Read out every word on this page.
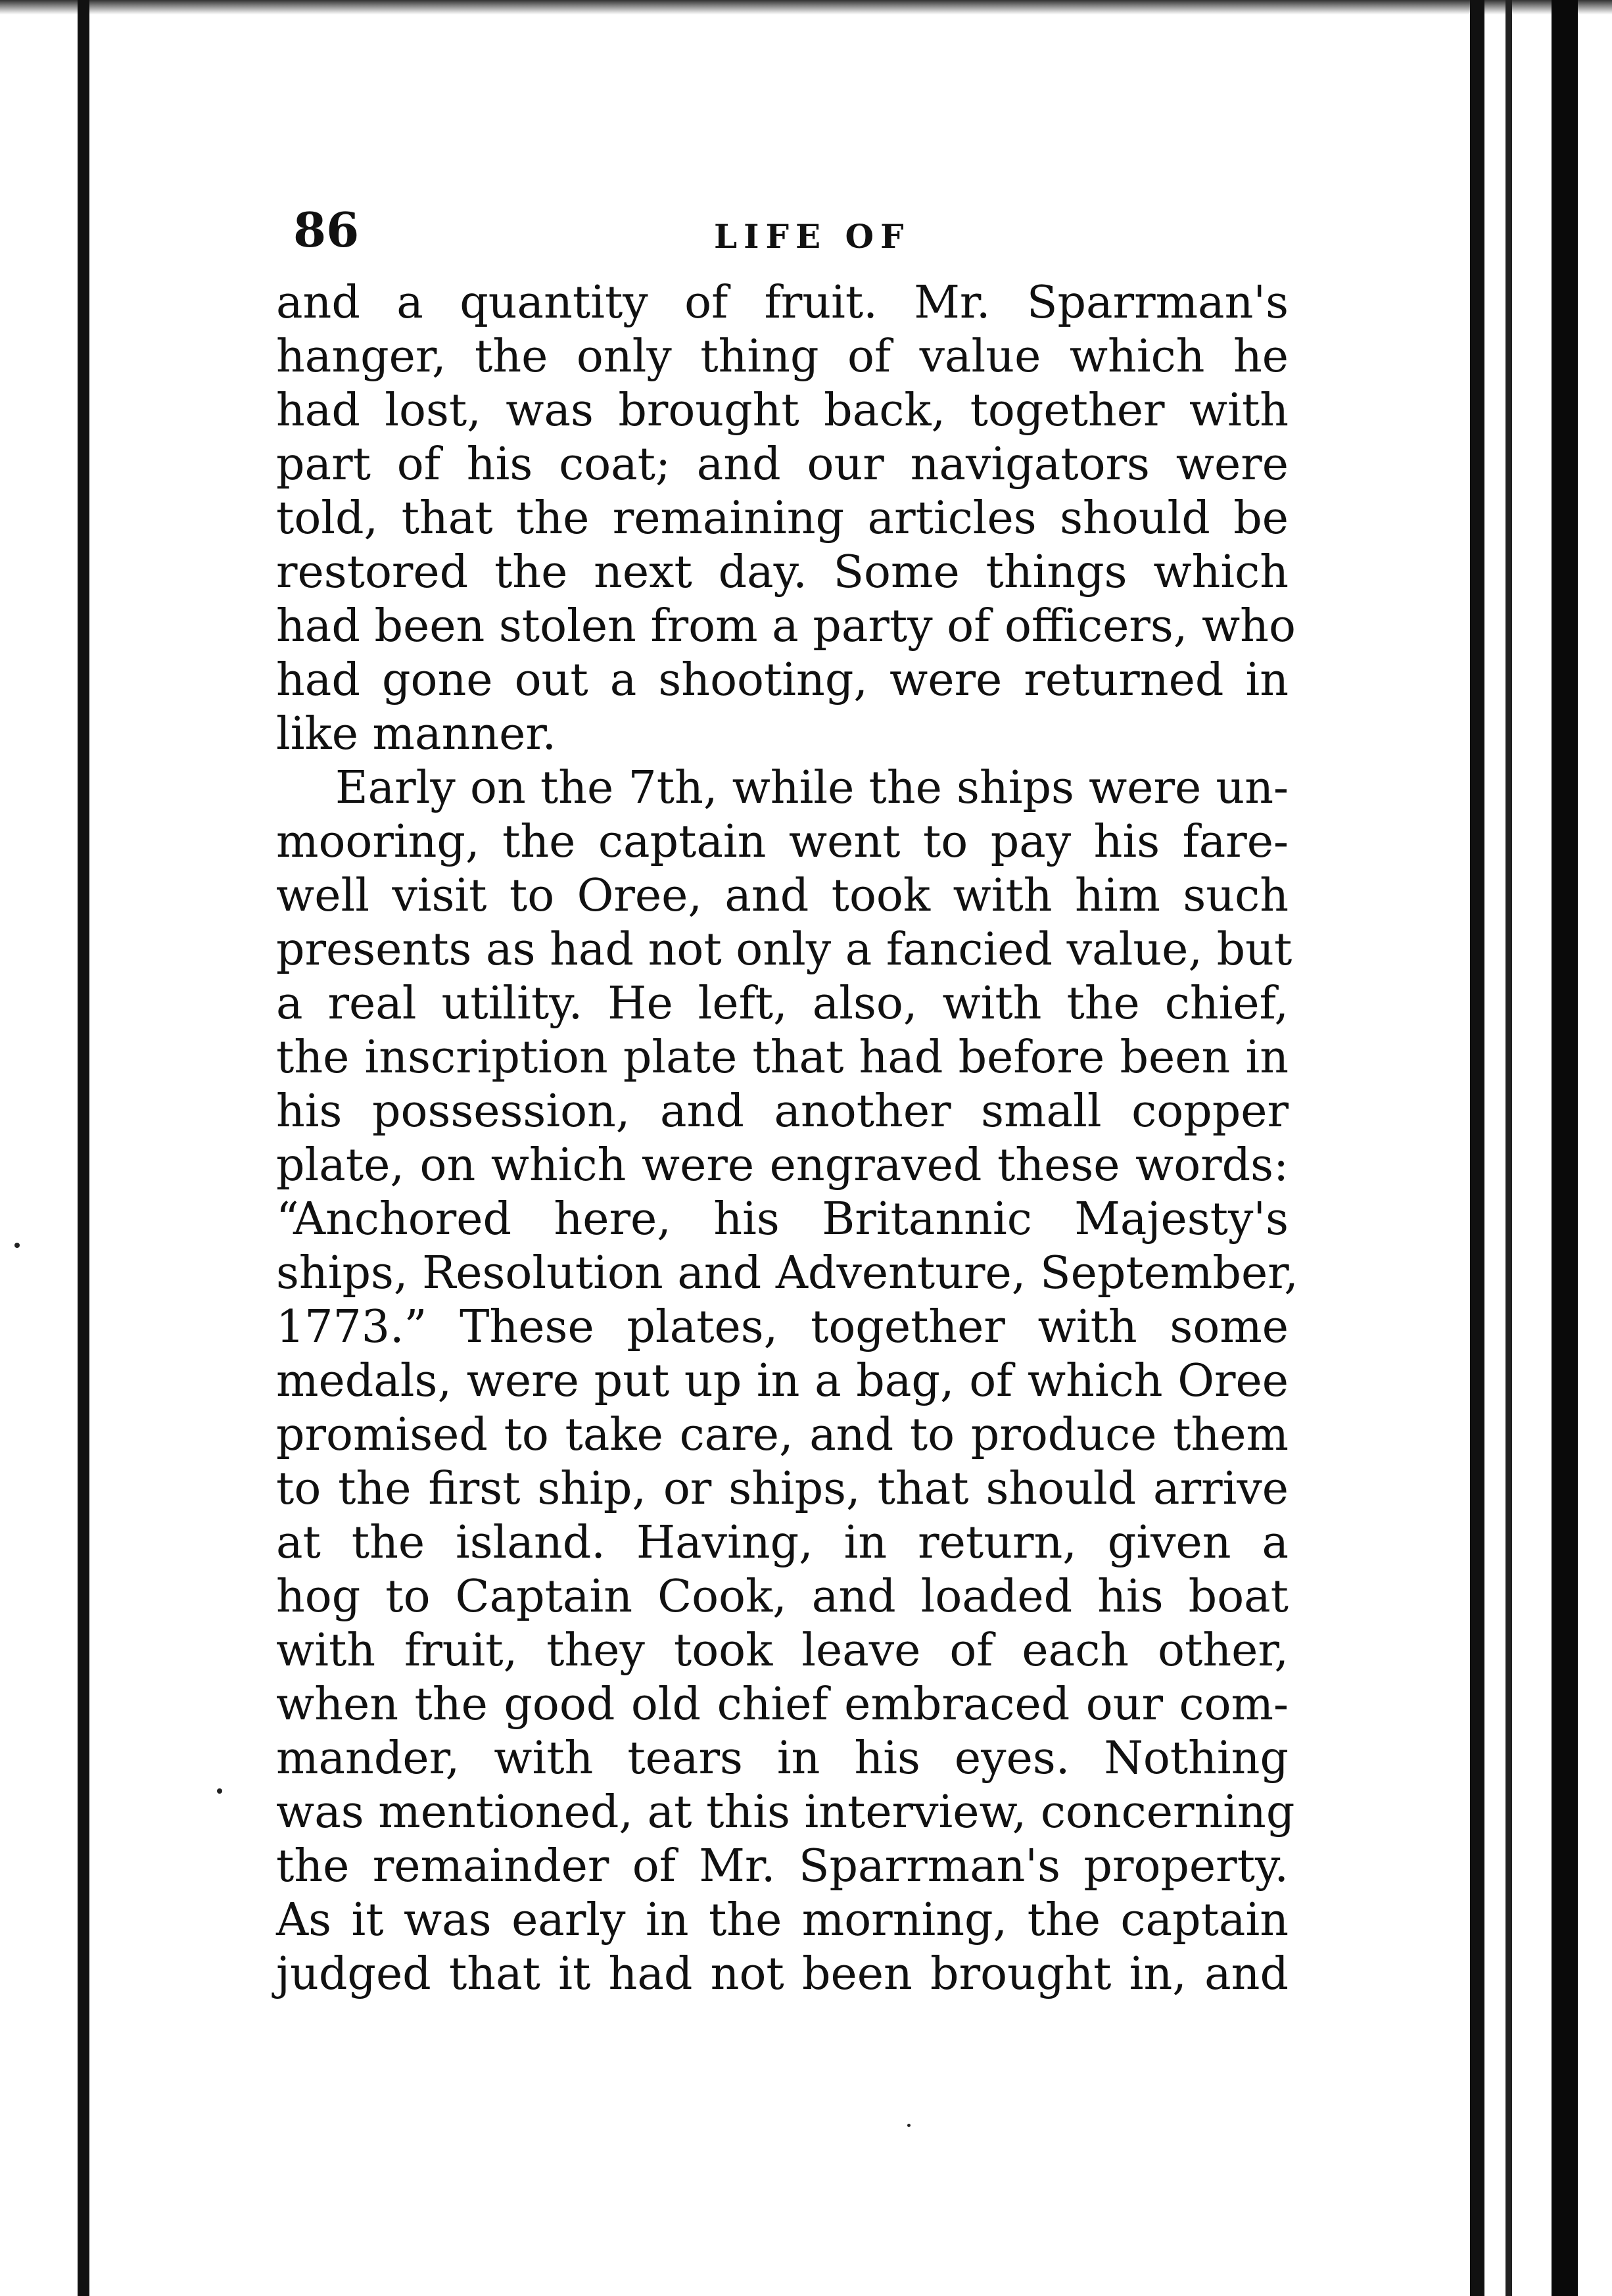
86	LIFE OF
and a quantity of fruit. Mr. Sparrman's
hanger, the only thing of value which he
had lost, was brought back, together with
part of his coat; and our navigators were
told, that the remaining articles should be
restored the next day. Some things which
had been stolen from a party of officers, who
had gone out a shooting, were returned in
like manner.
Early on the 7th, while the ships were un-
mooring, the captain went to pay his fare-
well visit to Oree, and took with him such
presents as had not only a fancied value, but
a real utility. He left, also, with the chief,
the inscription plate that had before been in
his possession, and another small copper
plate, on which were engraved these words:
“Anchored here, his Britannic Majesty's
ships, Resolution and Adventure, September,
1773.” These plates, together with some
medals, were put up in a bag, of which Oree
promised to take care, and to produce them
to the first ship, or ships, that should arrive
at the island. Having, in return, given a
hog to Captain Cook, and loaded his boat
with fruit, they took leave of each other,
when the good old chief embraced our com-
mander, with tears in his eyes. Nothing
was mentioned, at this interview, concerning
the remainder of Mr. Sparrman's property.
As it was early in the morning, the captain
judged that it had not been brought in, and
